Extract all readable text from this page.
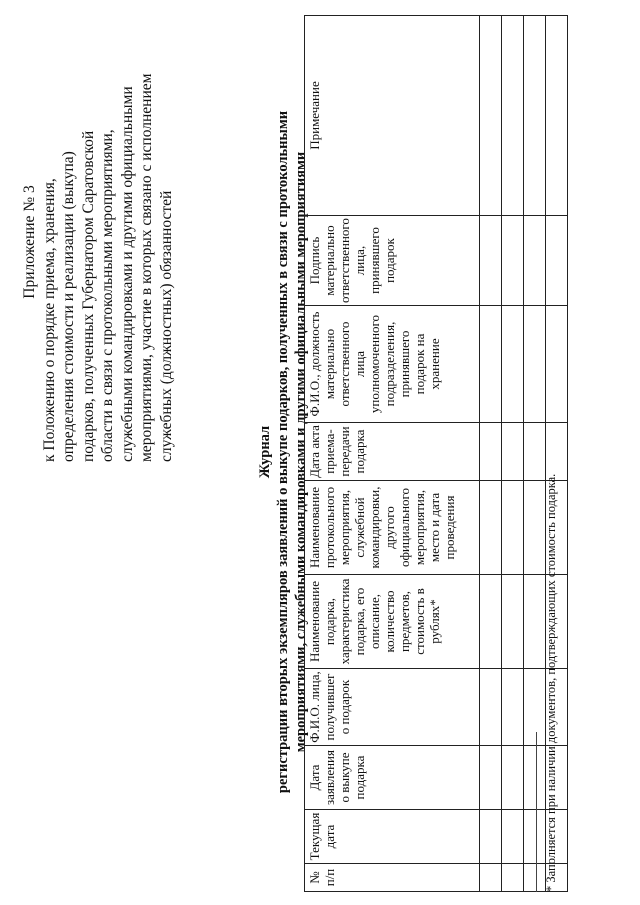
Приложение № 3 к Положению о порядке приема, хранения, определения стоимости и реализации (выкупа) подарков, полученных Губернатором Саратовской области в связи с протокольными мероприятиями, служебными командировками и другими официальными мероприятиями, участие в которых связано с исполнением служебных (должностных) обязанностей	Журнал регистрации вторых экземпляров заявлений о выкупе подарков, полученных в связи с протокольными мероприятиями, служебными командировками и другими официальными мероприятиями
№ п/п	Текущая дата	Дата заявления о выкупе подарка	Ф.И.О. лица, получившего подарок	Наименование подарка, характеристика подарка, его описание, количество предметов, стоимость в рублях*	Наименование протокольного мероприятия, служебной командировки, другого официального мероприятия, место и дата проведения	Дата акта приема-передачи подарка	Ф.И.О., должность материально ответственного лица уполномоченного подразделения, принявшего подарок на хранение	Подпись материально ответственного лица, принявшего подарок	Примечание

* Заполняется при наличии документов, подтверждающих стоимость подарка.
